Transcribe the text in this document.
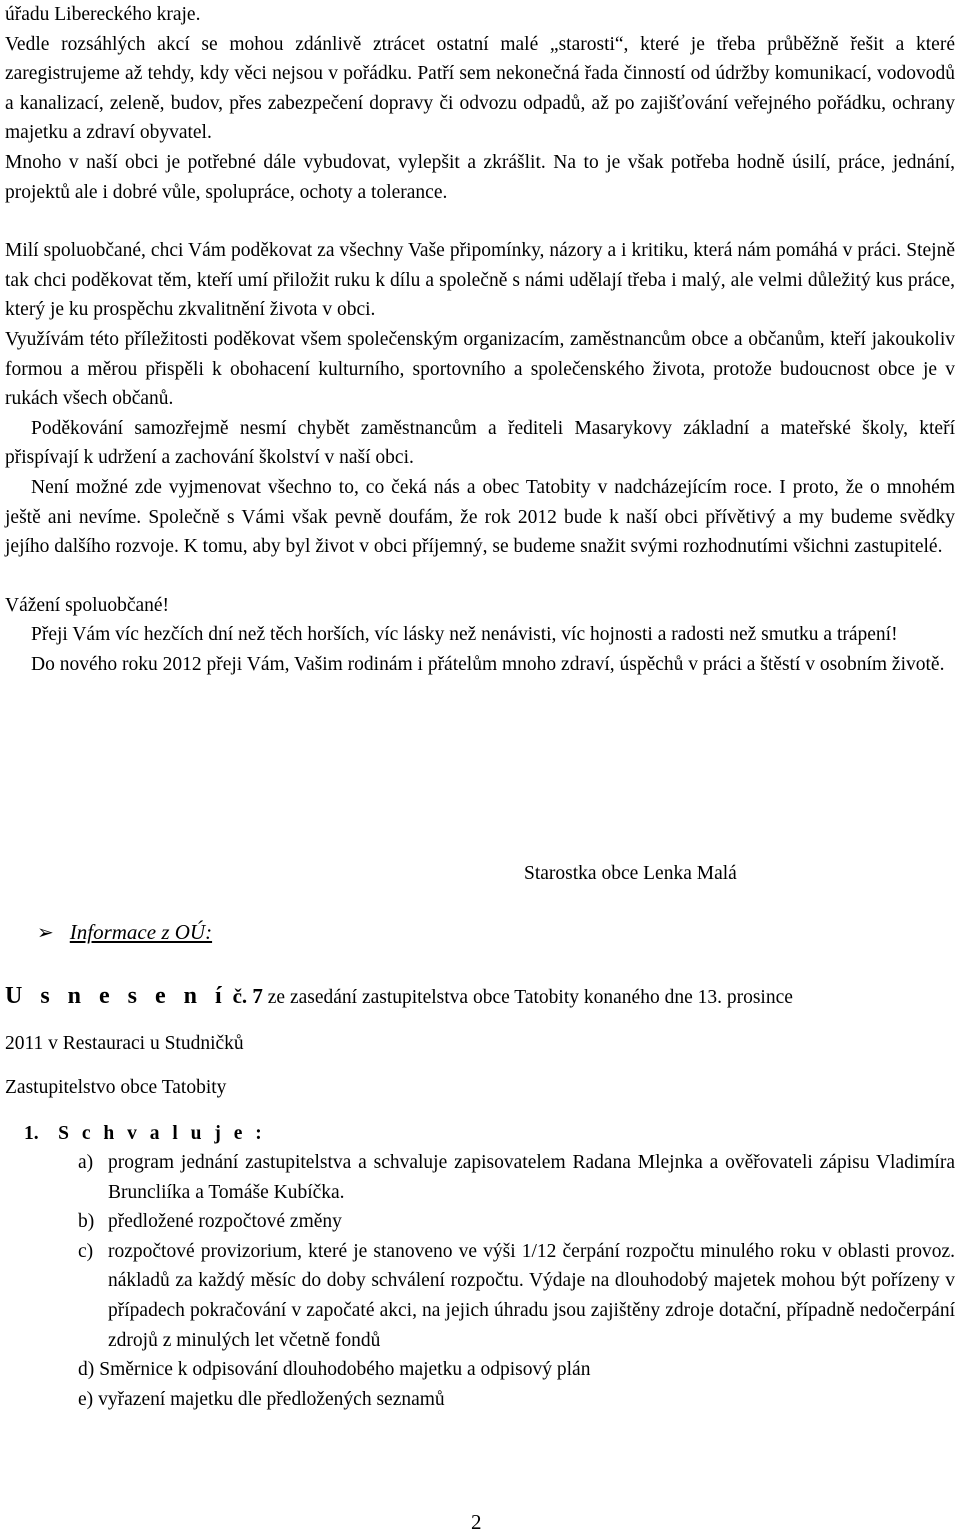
úřadu Libereckého kraje.

Vedle rozsáhlých akcí se mohou zdánlivě ztrácet ostatní malé „starosti“, které je třeba průběžně řešit a které zaregistrujeme až tehdy, kdy věci nejsou v pořádku. Patří sem nekonečná řada činností od údržby komunikací, vodovodů a kanalizací, zeleně, budov, přes zabezpečení dopravy či odvozu odpadů, až po zajišťování veřejného pořádku, ochrany majetku a zdraví obyvatel.

Mnoho v naší obci je potřebné dále vybudovat, vylepšit a zkrášlit. Na to je však potřeba hodně úsilí, práce, jednání, projektů ale i dobré vůle, spolupráce, ochoty a tolerance.

Milí spoluobčané, chci Vám poděkovat za všechny Vaše připomínky, názory a i kritiku, která nám pomáhá v práci. Stejně tak chci poděkovat těm, kteří umí přiložit ruku k dílu a společně s námi udělají třeba i malý, ale velmi důležitý kus práce, který je ku prospěchu zkvalitnění života v obci.

Využívám této příležitosti poděkovat všem společenským organizacím, zaměstnancům obce a občanům, kteří jakoukoliv formou a měrou přispěli k obohacení kulturního, sportovního a společenského života, protože budoucnost obce je v rukách všech občanů.

Poděkování samozřejmě nesmí chybět zaměstnancům a řediteli Masarykovy základní a mateřské školy, kteří přispívají k udržení a zachování školství v naší obci.

Není možné zde vyjmenovat všechno to, co čeká nás a obec Tatobity v nadcházejícím roce. I proto, že o mnohém ještě ani nevíme. Společně s Vámi však pevně doufám, že rok 2012 bude k naší obci přívětivý a my budeme svědky jejího dalšího rozvoje. K tomu, aby byl život v obci příjemný, se budeme snažit svými rozhodnutími všichni zastupitelé.

Vážení spoluobčané!

Přeji Vám víc hezčích dní než těch horších, víc lásky než nenávisti, víc hojnosti a radosti než smutku a trápení!

Do nového roku 2012 přeji Vám, Vašim rodinám i přátelům mnoho zdraví, úspěchů v práci a štěstí v osobním životě.

Starostka obce Lenka Malá
➢ Informace z OÚ:
U s n e s e n í č. 7 ze zasedání zastupitelstva obce Tatobity konaného dne 13. prosince
2011 v Restauraci u Studničků
Zastupitelstvo obce Tatobity
1. S c h v a l u j e :
a) program jednání zastupitelstva a schvaluje zapisovatelem Radana Mlejnka a ověřovateli zápisu Vladimíra Bruncliíka a Tomáše Kubíčka.
b) předložené rozpočtové změny
c) rozpočtové provizorium, které je stanoveno ve výši 1/12 čerpání rozpočtu minulého roku v oblasti provoz. nákladů za každý měsíc do doby schválení rozpočtu. Výdaje na dlouhodobý majetek mohou být pořízeny v případech pokračování v započaté akci, na jejich úhradu jsou zajištěny zdroje dotační, případně nedočerpání zdrojů z minulých let včetně fondů
d) Směrnice k odpisování dlouhodobého majetku a odpisový plán
e) vyřazení majetku dle předložených seznamů
2
